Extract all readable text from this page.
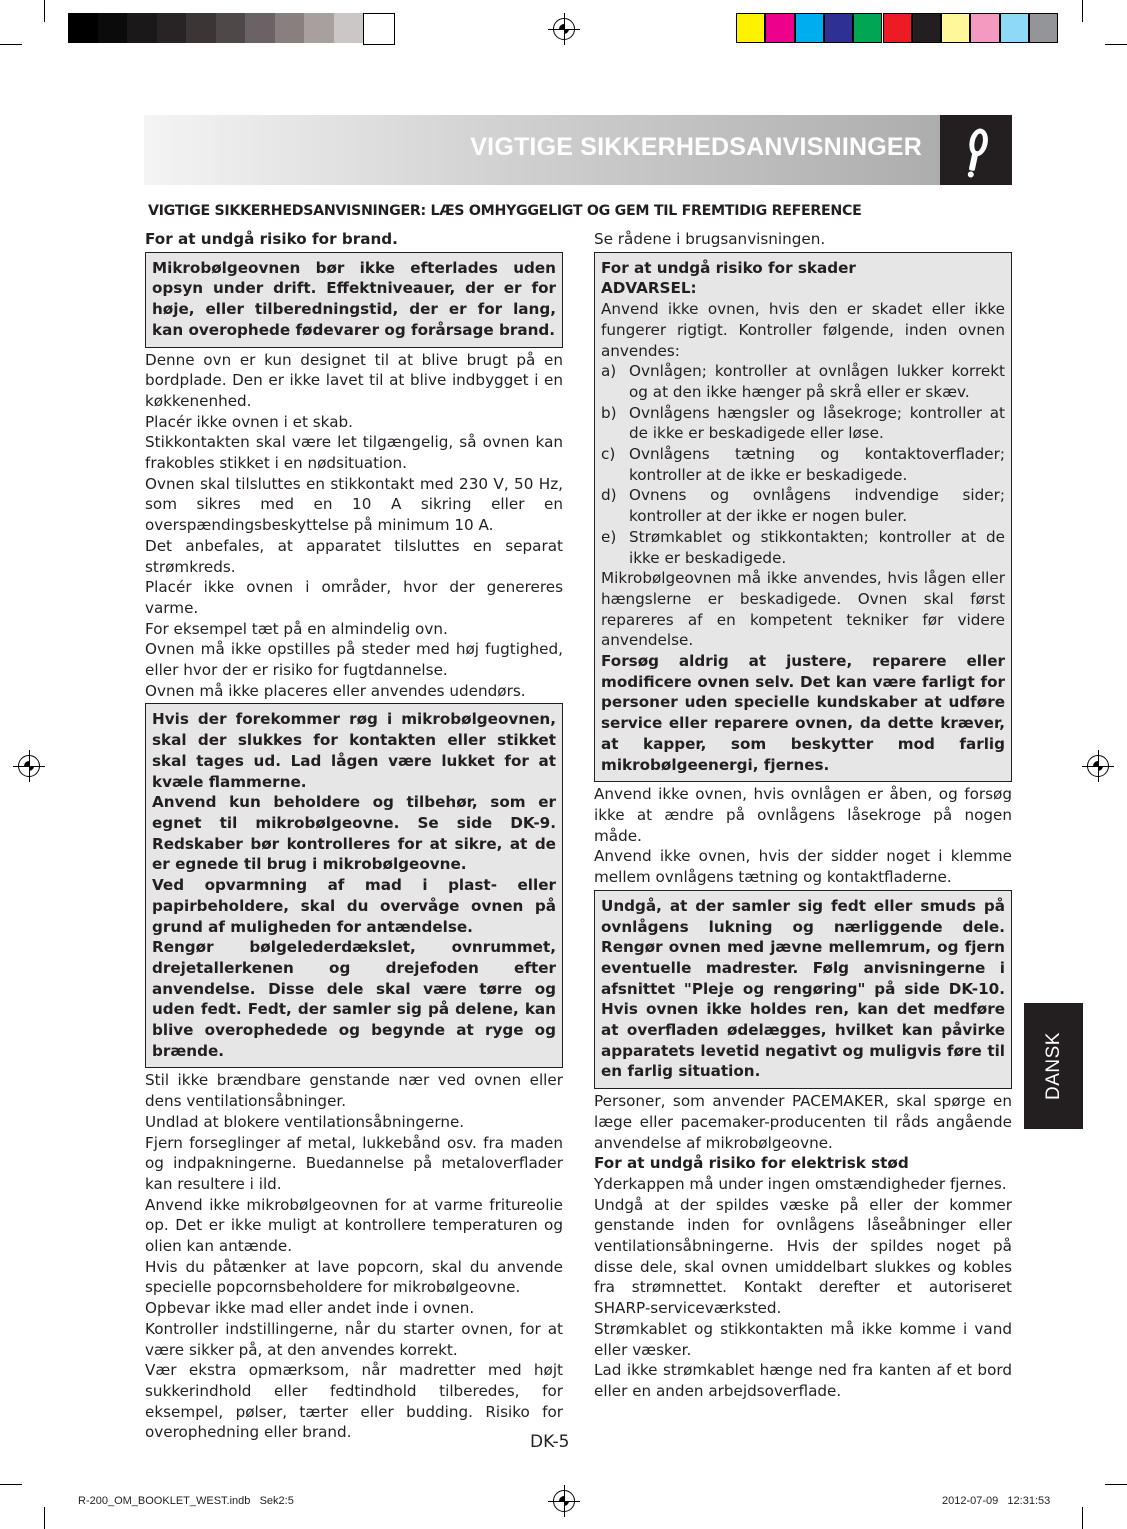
VIGTIGE SIKKERHEDSANVISNINGER
VIGTIGE SIKKERHEDSANVISNINGER: LÆS OMHYGGELIGT OG GEM TIL FREMTIDIG REFERENCE

For at undgå risiko for brand.

Mikrobølgeovnen bør ikke efterlades uden opsyn under drift. Effektniveauer, der er for høje, eller tilberedningstid, der er for lang, kan overophede fødevarer og forårsage brand.

Denne ovn er kun designet til at blive brugt på en bordplade. Den er ikke lavet til at blive indbygget i en køkkenenhed.

Placér ikke ovnen i et skab.

Stikkontakten skal være let tilgængelig, så ovnen kan frakobles stikket i en nødsituation.

Ovnen skal tilsluttes en stikkontakt med 230 V, 50 Hz, som sikres med en 10 A sikring eller en overspændingsbeskyttelse på minimum 10 A.

Det anbefales, at apparatet tilsluttes en separat strømkreds.

Placér ikke ovnen i områder, hvor der genereres varme.

For eksempel tæt på en almindelig ovn.

Ovnen må ikke opstilles på steder med høj fugtighed, eller hvor der er risiko for fugtdannelse.

Ovnen må ikke placeres eller anvendes udendørs.

Hvis der forekommer røg i mikrobølgeovnen, skal der slukkes for kontakten eller stikket skal tages ud. Lad lågen være lukket for at kvæle flammerne.

Anvend kun beholdere og tilbehør, som er egnet til mikrobølgeovne. Se side DK-9. Redskaber bør kontrolleres for at sikre, at de er egnede til brug i mikrobølgeovne.

Ved opvarmning af mad i plast- eller papirbeholdere, skal du overvåge ovnen på grund af muligheden for antændelse.

Rengør bølgelederdækslet, ovnrummet, drejetallerkenen og drejefoden efter anvendelse. Disse dele skal være tørre og uden fedt. Fedt, der samler sig på delene, kan blive overophedede og begynde at ryge og brænde.

Stil ikke brændbare genstande nær ved ovnen eller dens ventilationsåbninger.

Undlad at blokere ventilationsåbningerne.

Fjern forseglinger af metal, lukkebånd osv. fra maden og indpakningerne. Buedannelse på metaloverflader kan resultere i ild.

Anvend ikke mikrobølgeovnen for at varme fritureolie op. Det er ikke muligt at kontrollere temperaturen og olien kan antænde.

Hvis du påtænker at lave popcorn, skal du anvende specielle popcornsbeholdere for mikrobølgeovne.

Opbevar ikke mad eller andet inde i ovnen.

Kontroller indstillingerne, når du starter ovnen, for at være sikker på, at den anvendes korrekt.

Vær ekstra opmærksom, når madretter med højt sukkerindhold eller fedtindhold tilberedes, for eksempel, pølser, tærter eller budding. Risiko for overophedning eller brand.

Se rådene i brugsanvisningen.

For at undgå risiko for skader

ADVARSEL:

Anvend ikke ovnen, hvis den er skadet eller ikke fungerer rigtigt. Kontroller følgende, inden ovnen anvendes:

a) Ovnlågen; kontroller at ovnlågen lukker korrekt og at den ikke hænger på skrå eller er skæv.
b) Ovnlågens hængsler og låsekroge; kontroller at de ikke er beskadigede eller løse.
c) Ovnlågens tætning og kontaktoverflader; kontroller at de ikke er beskadigede.
d) Ovnens og ovnlågens indvendige sider; kontroller at der ikke er nogen buler.
e) Strømkablet og stikkontakten; kontroller at de ikke er beskadigede.

Mikrobølgeovnen må ikke anvendes, hvis lågen eller hængslerne er beskadigede. Ovnen skal først repareres af en kompetent tekniker før videre anvendelse.

Forsøg aldrig at justere, reparere eller modificere ovnen selv. Det kan være farligt for personer uden specielle kundskaber at udføre service eller reparere ovnen, da dette kræver, at kapper, som beskytter mod farlig mikrobølgeenergi, fjernes.

Anvend ikke ovnen, hvis ovnlågen er åben, og forsøg ikke at ændre på ovnlågens låsekroge på nogen måde.

Anvend ikke ovnen, hvis der sidder noget i klemme mellem ovnlågens tætning og kontaktfladerne.

Undgå, at der samler sig fedt eller smuds på ovnlågens lukning og nærliggende dele. Rengør ovnen med jævne mellemrum, og fjern eventuelle madrester. Følg anvisningerne i afsnittet "Pleje og rengøring" på side DK-10. Hvis ovnen ikke holdes ren, kan det medføre at overfladen ødelægges, hvilket kan påvirke apparatets levetid negativt og muligvis føre til en farlig situation.

Personer, som anvender PACEMAKER, skal spørge en læge eller pacemaker-producenten til råds angående anvendelse af mikrobølgeovne.

For at undgå risiko for elektrisk stød

Yderkappen må under ingen omstændigheder fjernes.

Undgå at der spildes væske på eller der kommer genstande inden for ovnlågens låseåbninger eller ventilationsåbningerne. Hvis der spildes noget på disse dele, skal ovnen umiddelbart slukkes og kobles fra strømnettet. Kontakt derefter et autoriseret SHARP-serviceværksted.

Strømkablet og stikkontakten må ikke komme i vand eller væsker.

Lad ikke strømkablet hænge ned fra kanten af et bord eller en anden arbejdsoverflade.

DANSK
DK-5
R-200_OM_BOOKLET_WEST.indb   Sek2:5	2012-07-09   12:31:53
